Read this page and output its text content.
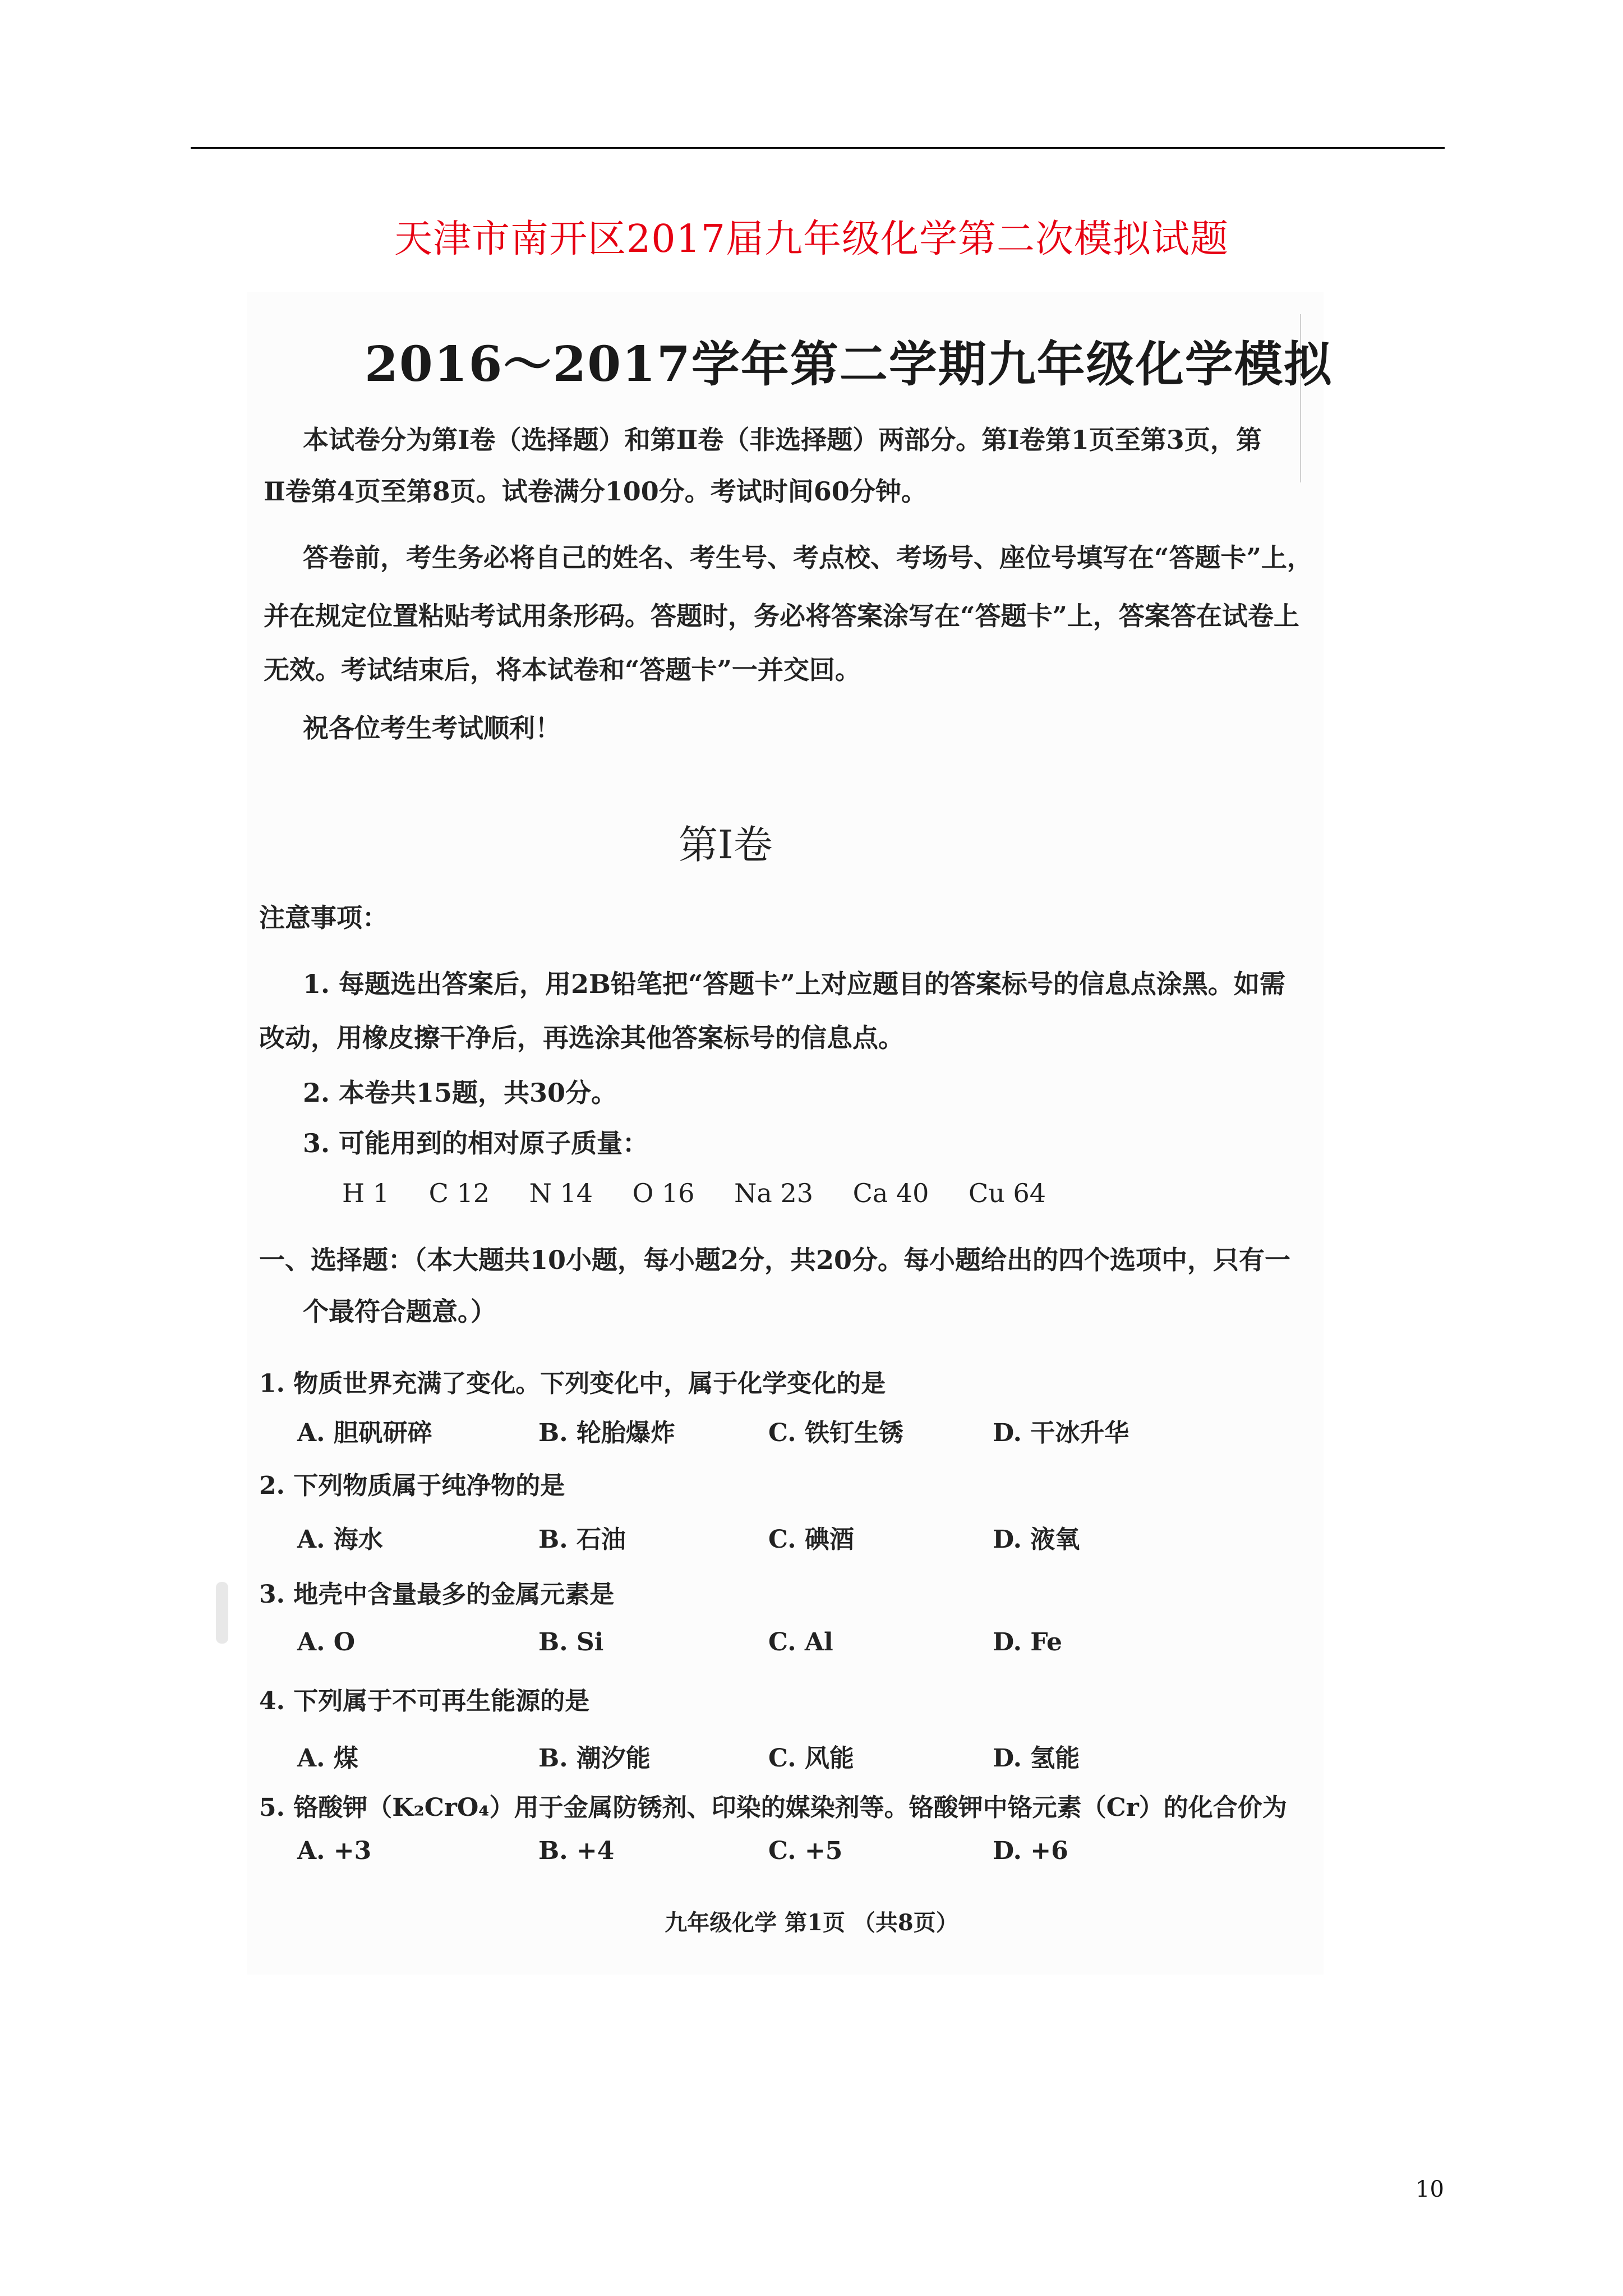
天津市南开区2017届九年级化学第二次模拟试题
2016～2017学年第二学期九年级化学模拟
本试卷分为第Ⅰ卷（选择题）和第Ⅱ卷（非选择题）两部分。第Ⅰ卷第1页至第3页，第
Ⅱ卷第4页至第8页。试卷满分100分。考试时间60分钟。
答卷前，考生务必将自己的姓名、考生号、考点校、考场号、座位号填写在“答题卡”上，
并在规定位置粘贴考试用条形码。答题时，务必将答案涂写在“答题卡”上，答案答在试卷上
无效。考试结束后，将本试卷和“答题卡”一并交回。
祝各位考生考试顺利！
第Ⅰ卷
注意事项：
1. 每题选出答案后，用2B铅笔把“答题卡”上对应题目的答案标号的信息点涂黑。如需
改动，用橡皮擦干净后，再选涂其他答案标号的信息点。
2. 本卷共15题，共30分。
3. 可能用到的相对原子质量：
H 1 C 12 N 14 O 16 Na 23 Ca 40 Cu 64
一、选择题：（本大题共10小题，每小题2分，共20分。每小题给出的四个选项中，只有一
个最符合题意。）
1. 物质世界充满了变化。下列变化中，属于化学变化的是
A. 胆矾研碎	B. 轮胎爆炸	C. 铁钉生锈	D. 干冰升华
2. 下列物质属于纯净物的是
A. 海水	B. 石油	C. 碘酒	D. 液氧
3. 地壳中含量最多的金属元素是
A. O	B. Si	C. Al	D. Fe
4. 下列属于不可再生能源的是
A. 煤	B. 潮汐能	C. 风能	D. 氢能
5. 铬酸钾（K₂CrO₄）用于金属防锈剂、印染的媒染剂等。铬酸钾中铬元素（Cr）的化合价为
A. +3	B. +4	C. +5	D. +6
九年级化学 第1页 （共8页）
10
